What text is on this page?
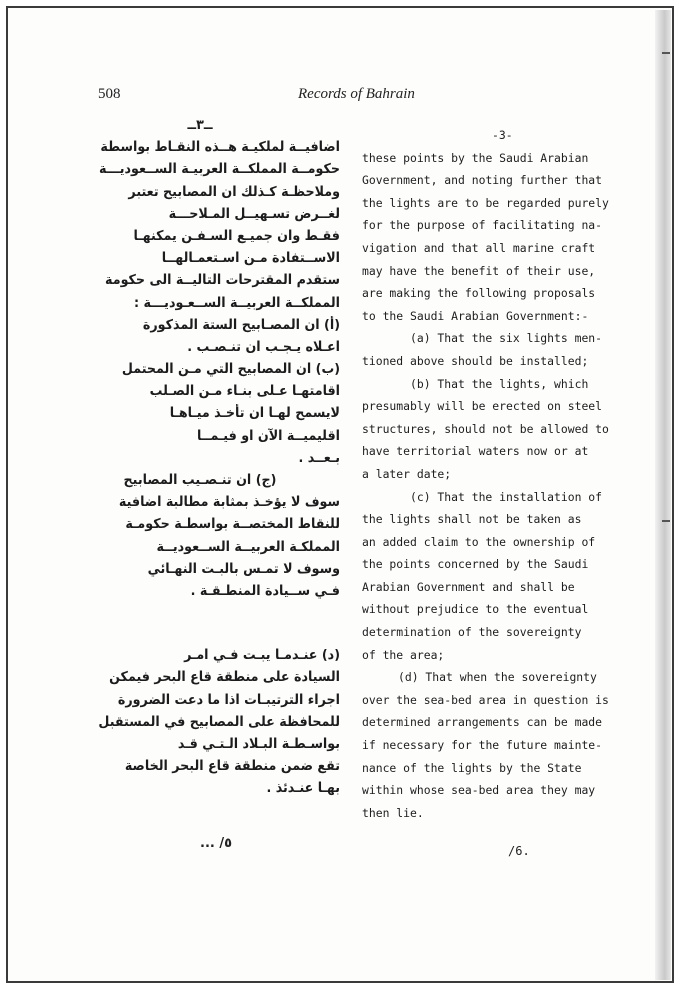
508	Records of Bahrain
ــ٣ــ
اضافيــة لملكيـة هــذه النقـاط بواسطة
حكومــة المملكــة العربيـة الســعوديـــة
وملاحظـة كـذلك ان المصابيح تعتبر
لغــرض تسـهيــل المـلاحـــة
فقـط وان جميـع السـفـن يمكنهـا
الاســتفادة مـن اسـتعمـالهــا
ستقدم المقترحات التاليــة الى حكومة
المملكــة العربيــة الســعـوديـــة :
(أ) ان المصـابيح الستة المذكورة
اعـلاه يـجـب ان تنـصـب .
(ب) ان المصابيح التي مـن المحتمل
اقامتهـا عـلى بنـاء مـن الصـلب
لايسمح لهـا ان تأخـذ ميـاهـا
اقليميــة الآن او فيـمــا
بـعــد .
(ج) ان تنـصـيب المصابيح
سوف لا يؤخـذ بمثابة مطالبة اضافية
للنقاط المختصــة بواسطـة حكومـة
المملكـة العربيــة الســعوديــة
وسوف لا تمـس بالبـت النهـائي
فـي ســيادة المنطـقـة .
(د) عنـدمـا يبـت فـي امـر
السيادة على منطقة قاع البحر فيمكن
اجراء الترتيبـات اذا ما دعت الضرورة
للمحافظة على المصابيح في المستقبل
بواسـطـة البـلاد الـتـي قـد
تقع ضمن منطقة قاع البحر الخاصة
بهـا عنـدئذ .
٥/ ...
-3-
these points by the Saudi Arabian
Government, and noting further that
the lights are to be regarded purely
for the purpose of facilitating na-
vigation and that all marine craft
may have the benefit of their use,
are making the following proposals
to the Saudi Arabian Government:-
(a) That the six lights men-
tioned above should be installed;
(b) That the lights, which
presumably will be erected on steel
structures, should not be allowed to
have territorial waters now or at
a later date;
(c) That the installation of
the lights shall not be taken as
an added claim to the ownership of
the points concerned by the Saudi
Arabian Government and shall be
without prejudice to the eventual
determination of the sovereignty
of the area;
(d) That when the sovereignty
over the sea-bed area in question is
determined arrangements can be made
if necessary for the future mainte-
nance of the lights by the State
within whose sea-bed area they may
then lie.
/6.
